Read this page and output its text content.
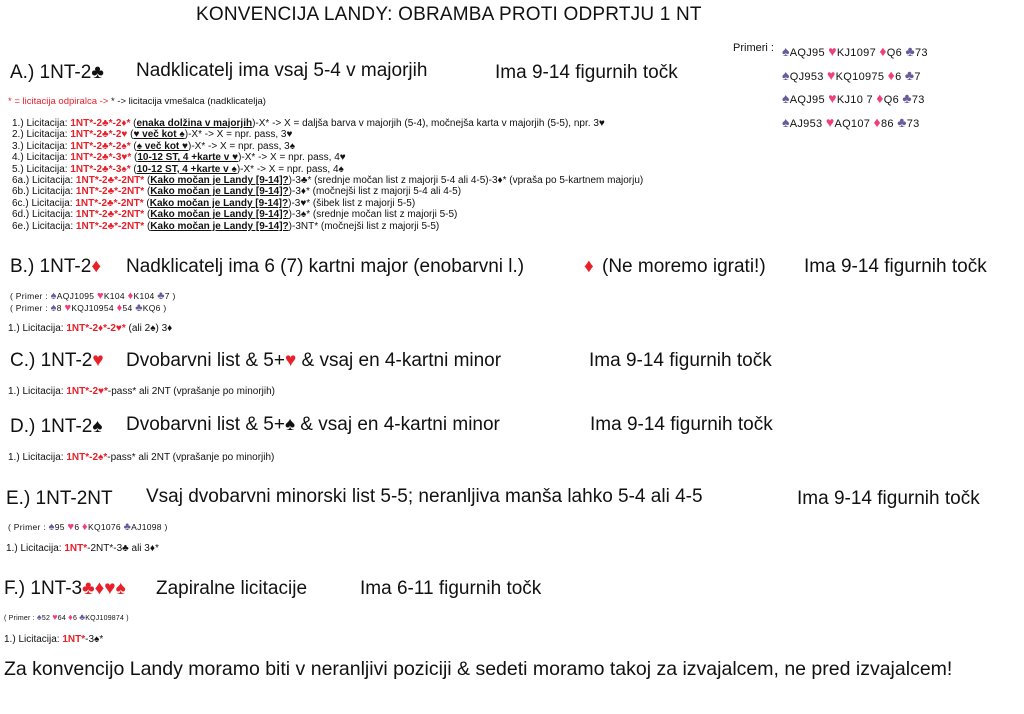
KONVENCIJA LANDY: OBRAMBA PROTI ODPRTJU 1 NT
Primeri : ♠AQJ95 ♥KJ1097 ♦Q6 ♣73
♠QJ953 ♥KQ10975 ♦6 ♣7
♠AQJ95 ♥KJ10 7 ♦Q6 ♣73
♠AJ953 ♥AQ107 ♦86 ♣73
A.) 1NT-2♣ Nadklicatelj ima vsaj 5-4 v majorjih	Ima 9-14 figurnih točk
* = licitacija odpiralca -> * -> licitacija vmešalca (nadklicatelja)
1.) Licitacija: 1NT*-2♣*-2♦* (enaka dolžina v majorjih)-X* -> X = daljša barva v majorjih (5-4), močnejša karta v majorjih (5-5), npr. 3♥
2.) Licitacija: 1NT*-2♣*-2♥ (♥ več kot ♠)-X* -> X = npr. pass, 3♥
3.) Licitacija: 1NT*-2♣*-2♠* (♠ več kot ♥)-X* -> X = npr. pass, 3♠
4.) Licitacija: 1NT*-2♣*-3♥* (10-12 ST, 4 +karte v ♥)-X* -> X = npr. pass, 4♥
5.) Licitacija: 1NT*-2♣*-3♠* (10-12 ST, 4 +karte v ♠)-X* -> X = npr. pass, 4♠
6a.) Licitacija: 1NT*-2♣*-2NT* (Kako močan je Landy [9-14]?)-3♣* (srednje močan list z majorji 5-4 ali 4-5)-3♦* (vpraša po 5-kartnem majorju)
6b.) Licitacija: 1NT*-2♣*-2NT* (Kako močan je Landy [9-14]?)-3♦* (močnejši list z majorji 5-4 ali 4-5)
6c.) Licitacija: 1NT*-2♣*-2NT* (Kako močan je Landy [9-14]?)-3♥* (šibek list z majorji 5-5)
6d.) Licitacija: 1NT*-2♣*-2NT* (Kako močan je Landy [9-14]?)-3♠* (srednje močan list z majorji 5-5)
6e.) Licitacija: 1NT*-2♣*-2NT* (Kako močan je Landy [9-14]?)-3NT* (močnejši list z majorji 5-5)
B.) 1NT-2♦ Nadklicatelj ima 6 (7) kartni major (enobarvni l.)	♦ (Ne moremo igrati!) Ima 9-14 figurnih točk
( Primer : ♠AQJ1095 ♥K104 ♦K104 ♣7 )
( Primer : ♠8 ♥KQJ10954 ♦54 ♣KQ6 )
1.) Licitacija: 1NT*-2♦*-2♥* (ali 2♠) 3♦
C.) 1NT-2♥ Dvobarvni list & 5+♥ & vsaj en 4-kartni minor	Ima 9-14 figurnih točk
1.) Licitacija: 1NT*-2♥*-pass* ali 2NT (vprašanje po minorjih)
D.) 1NT-2♠ Dvobarvni list & 5+♠ & vsaj en 4-kartni minor	Ima 9-14 figurnih točk
1.) Licitacija: 1NT*-2♠*-pass* ali 2NT (vprašanje po minorjih)
E.) 1NT-2NT Vsaj dvobarvni minorski list 5-5; neranljiva manša lahko 5-4 ali 4-5	Ima 9-14 figurnih točk
( Primer : ♠95 ♥6 ♦KQ1076 ♣AJ1098 )
1.) Licitacija: 1NT*-2NT*-3♣ ali 3♦*
F.) 1NT-3♣♦♥♠ Zapiralne licitacije	Ima 6-11 figurnih točk
( Primer : ♠52 ♥64 ♦6 ♣KQJ109874 )
1.) Licitacija: 1NT*-3♠*
Za konvencijo Landy moramo biti v neranljivi poziciji & sedeti moramo takoj za izvajalcem, ne pred izvajalcem!
